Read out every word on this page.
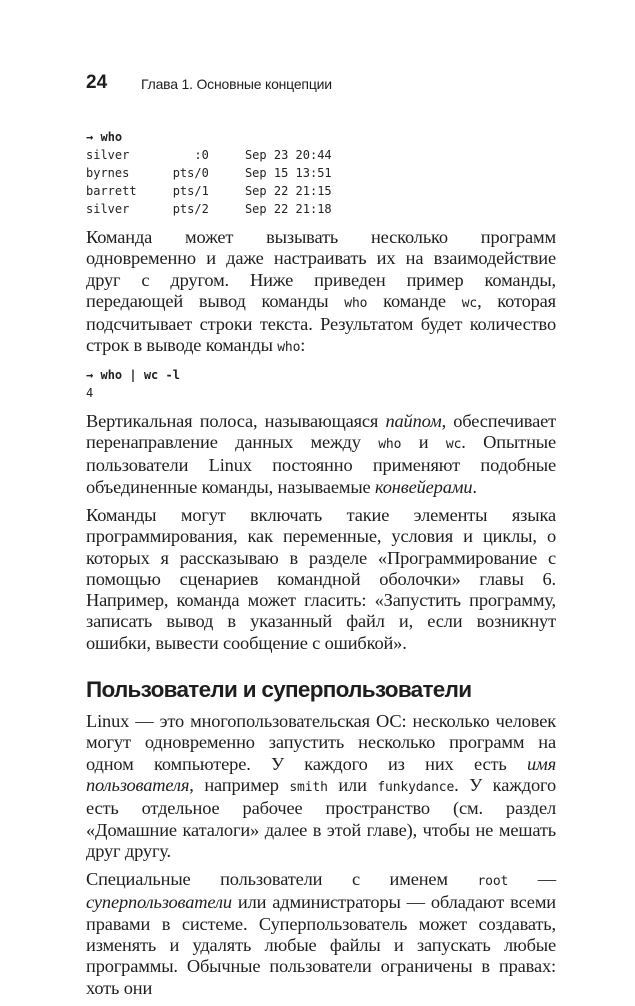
24 Глава 1. Основные концепции
→ who
silver         :0     Sep 23 20:44
byrnes      pts/0     Sep 15 13:51
barrett     pts/1     Sep 22 21:15
silver      pts/2     Sep 22 21:18

Команда может вызывать несколько программ одновременно и даже настраивать их на взаимодействие друг с другом. Ниже приведен пример команды, передающей вывод команды who команде wc, которая подсчитывает строки текста. Результатом будет количество строк в выводе команды who:

→ who | wc -l
4

Вертикальная полоса, называющаяся пайпом, обеспечивает перенаправление данных между who и wc. Опытные пользователи Linux постоянно применяют подобные объединенные команды, называемые конвейерами.

Команды могут включать такие элементы языка программирования, как переменные, условия и циклы, о которых я рассказываю в разделе «Программирование с помощью сценариев командной оболочки» главы 6. Например, команда может гласить: «Запустить программу, записать вывод в указанный файл и, если возникнут ошибки, вывести сообщение с ошибкой».

Пользователи и суперпользователи

Linux — это многопользовательская ОС: несколько человек могут одновременно запустить несколько программ на одном компьютере. У каждого из них есть имя пользователя, например smith или funkydance. У каждого есть отдельное рабочее пространство (см. раздел «Домашние каталоги» далее в этой главе), чтобы не мешать друг другу.

Специальные пользователи с именем root — суперпользователи или администраторы — обладают всеми правами в системе. Суперпользователь может создавать, изменять и удалять любые файлы и запускать любые программы. Обычные пользователи ограничены в правах: хоть они
